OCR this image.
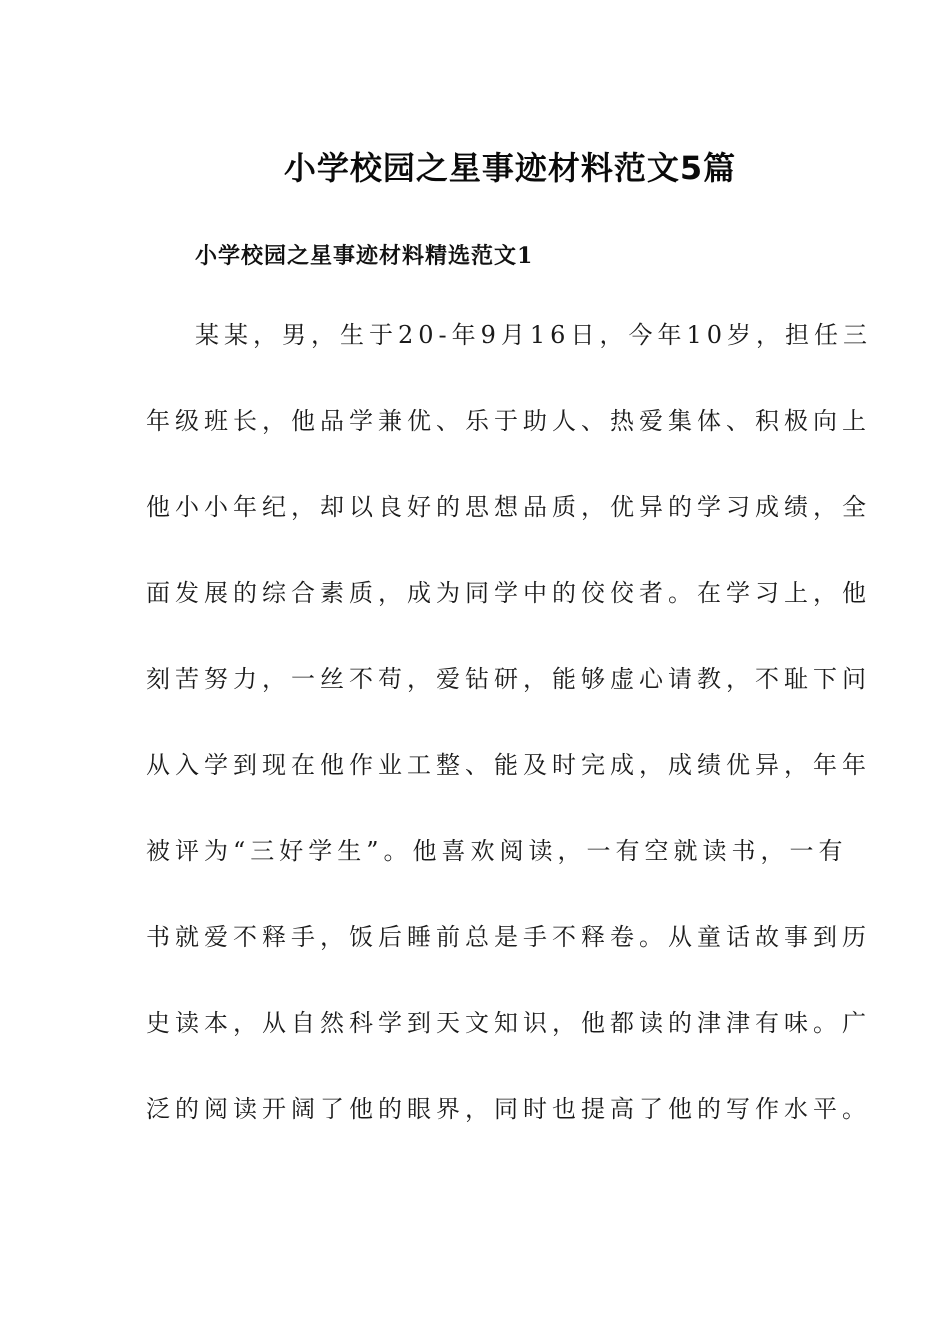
小学校园之星事迹材料范文5篇
小学校园之星事迹材料精选范文1

某某，男，生于20-年9月16日，今年10岁，担任三

年级班长，他品学兼优、乐于助人、热爱集体、积极向上

他小小年纪，却以良好的思想品质，优异的学习成绩，全

面发展的综合素质，成为同学中的佼佼者。在学习上，他

刻苦努力，一丝不苟，爱钻研，能够虚心请教，不耻下问

从入学到现在他作业工整、能及时完成，成绩优异，年年

被评为“三好学生”。他喜欢阅读，一有空就读书，一有

书就爱不释手，饭后睡前总是手不释卷。从童话故事到历

史读本，从自然科学到天文知识，他都读的津津有味。广

泛的阅读开阔了他的眼界，同时也提高了他的写作水平。
